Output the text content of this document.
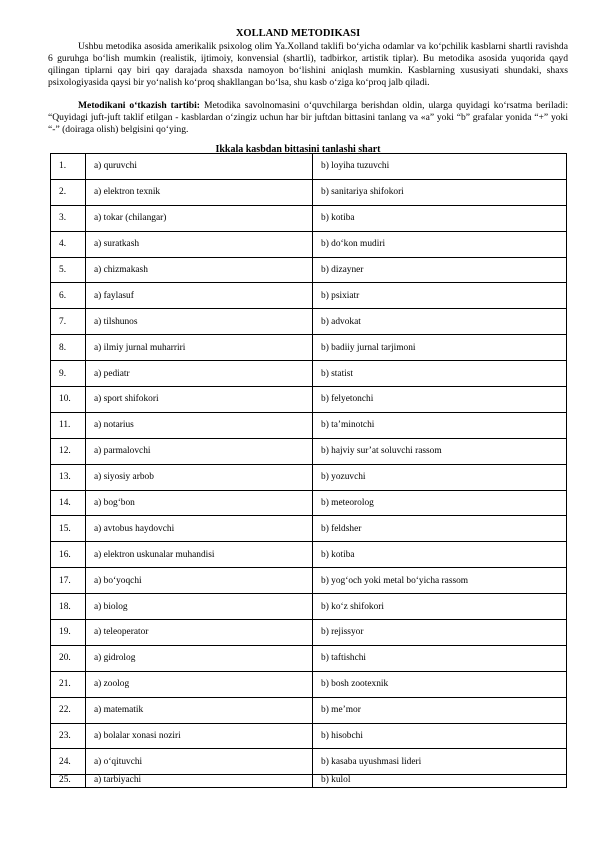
XOLLAND METODIKASI
Ushbu metodika asosida amerikalik psixolog olim Ya.Xolland taklifi bo‘yicha odamlar va ko‘pchilik kasblarni shartli ravishda 6 guruhga bo‘lish mumkin (realistik, ijtimoiy, konvensial (shartli), tadbirkor, artistik tiplar). Bu metodika asosida yuqorida qayd qilingan tiplarni qay biri qay darajada shaxsda namoyon bo‘lishini aniqlash mumkin. Kasblarning xususiyati shundaki, shaxs psixologiyasida qaysi bir yo‘nalish ko‘proq shakllangan bo‘lsa, shu kasb o‘ziga ko‘proq jalb qiladi.
Metodikani o‘tkazish tartibi: Metodika savolnomasini o‘quvchilarga berishdan oldin, ularga quyidagi ko‘rsatma beriladi: “Quyidagi juft-juft taklif etilgan - kasblardan o‘zingiz uchun har bir juftdan bittasini tanlang va «a” yoki “b” grafalar yonida “+” yoki “-” (doiraga olish) belgisini qo‘ying.
Ikkala kasbdan bittasini tanlashi shart
1.	a) quruvchi	b) loyiha tuzuvchi
2.	a) elektron texnik	b) sanitariya shifokori
3.	a) tokar (chilangar)	b) kotiba
4.	a) suratkash	b) do‘kon mudiri
5.	a) chizmakash	b) dizayner
6.	a) faylasuf	b) psixiatr
7.	a) tilshunos	b) advokat
8.	a) ilmiy jurnal muharriri	b) badiiy jurnal tarjimoni
9.	a) pediatr	b) statist
10.	a) sport shifokori	b) felyetonchi
11.	a) notarius	b) ta’minotchi
12.	a) parmalovchi	b) hajviy sur’at soluvchi rassom
13.	a) siyosiy arbob	b) yozuvchi
14.	a) bog‘bon	b) meteorolog
15.	a) avtobus haydovchi	b) feldsher
16.	a) elektron uskunalar muhandisi	b) kotiba
17.	a) bo‘yoqchi	b) yog‘och yoki metal bo‘yicha rassom
18.	a) biolog	b) ko‘z shifokori
19.	a) teleoperator	b) rejissyor
20.	a) gidrolog	b) taftishchi
21.	a) zoolog	b) bosh zootexnik
22.	a) matematik	b) me’mor
23.	a) bolalar xonasi noziri	b) hisobchi
24.	a) o‘qituvchi	b) kasaba uyushmasi lideri
25.	a) tarbiyachi	b) kulol
